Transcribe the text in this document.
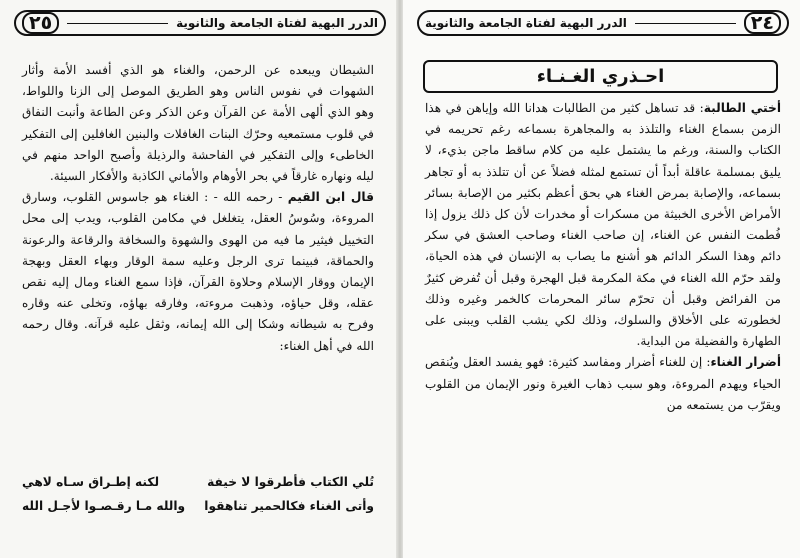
الدرر البهية لفتاة الجامعة والثانوية
٢٥

الشيطان ويبعده عن الرحمن، والغناء هو الذي أفسد الأمة وأثار الشهوات في نفوس الناس وهو الطريق الموصل إلى الزنا واللواط، وهو الذي ألهى الأمة عن القرآن وعن الذكر وعن الطاعة وأنبت النفاق في قلوب مستمعيه وحرّك البنات الغافلات والبنين الغافلين إلى التفكير الخاطىء وإلى التفكير في الفاحشة والرذيلة وأصبح الواحد منهم في ليله ونهاره غارقاً في بحر الأوهام والأماني الكاذبة والأفكار السيئة.

قال ابن القيم - رحمه الله - : الغناء هو جاسوس القلوب، وسارق المروءة، وسُوسُ العقل، يتغلغل في مكامن القلوب، ويدب إلى محل التخييل فيثير ما فيه من الهوى والشهوة والسخافة والرقاعة والرعونة والحماقة، فبينما ترى الرجل وعليه سمة الوقار وبهاء العقل وبهجة الإيمان ووقار الإسلام وحلاوة القرآن، فإذا سمع الغناء ومال إليه نقص عقله، وقل حياؤه، وذهبت مروءته، وفارقه بهاؤه، وتخلى عنه وقاره وفرح به شيطانه وشكا إلى الله إيمانه، وثقل عليه قرآنه. وقال رحمه الله في أهل الغناء:

تُلي الكتاب فأطرقوا لا خيفة
لكنه إطـراق سـاه لاهي
وأتى الغناء فكالحمير تناهقوا
والله مـا رقـصـوا لأجـل الله
٢٤
الدرر البهية لفتاة الجامعة والثانوية
احـذري الغـنـاء

أختي الطالبة: قد تساهل كثير من الطالبات هدانا الله وإياهن في هذا الزمن بسماع الغناء والتلذذ به والمجاهرة بسماعه رغم تحريمه في الكتاب والسنة، ورغم ما يشتمل عليه من كلام ساقط ماجن بذيء، لا يليق بمسلمة عاقلة أبداً أن تستمع لمثله فضلاً عن أن تتلذذ به أو تجاهر بسماعه، والإصابة بمرض الغناء هي بحق أعظم بكثير من الإصابة بسائر الأمراض الأخرى الخبيثة من مسكرات أو مخدرات لأن كل ذلك يزول إذا فُطمت النفس عن الغناء، إن صاحب الغناء وصاحب العشق في سكر دائم وهذا السكر الدائم هو أشنع ما يصاب به الإنسان في هذه الحياة، ولقد حرّم الله الغناء في مكة المكرمة قبل الهجرة وقبل أن تُفرض كثيرٌ من الفرائض وقبل أن تحرّم سائر المحرمات كالخمر وغيره وذلك لخطورته على الأخلاق والسلوك، وذلك لكي يشب القلب ويبنى على الطهارة والفضيلة من البداية.

أضرار الغناء: إن للغناء أضرار ومفاسد كثيرة: فهو يفسد العقل ويُنقص الحياء ويهدم المروءة، وهو سبب ذهاب الغيرة ونور الإيمان من القلوب ويقرّب من يستمعه من
